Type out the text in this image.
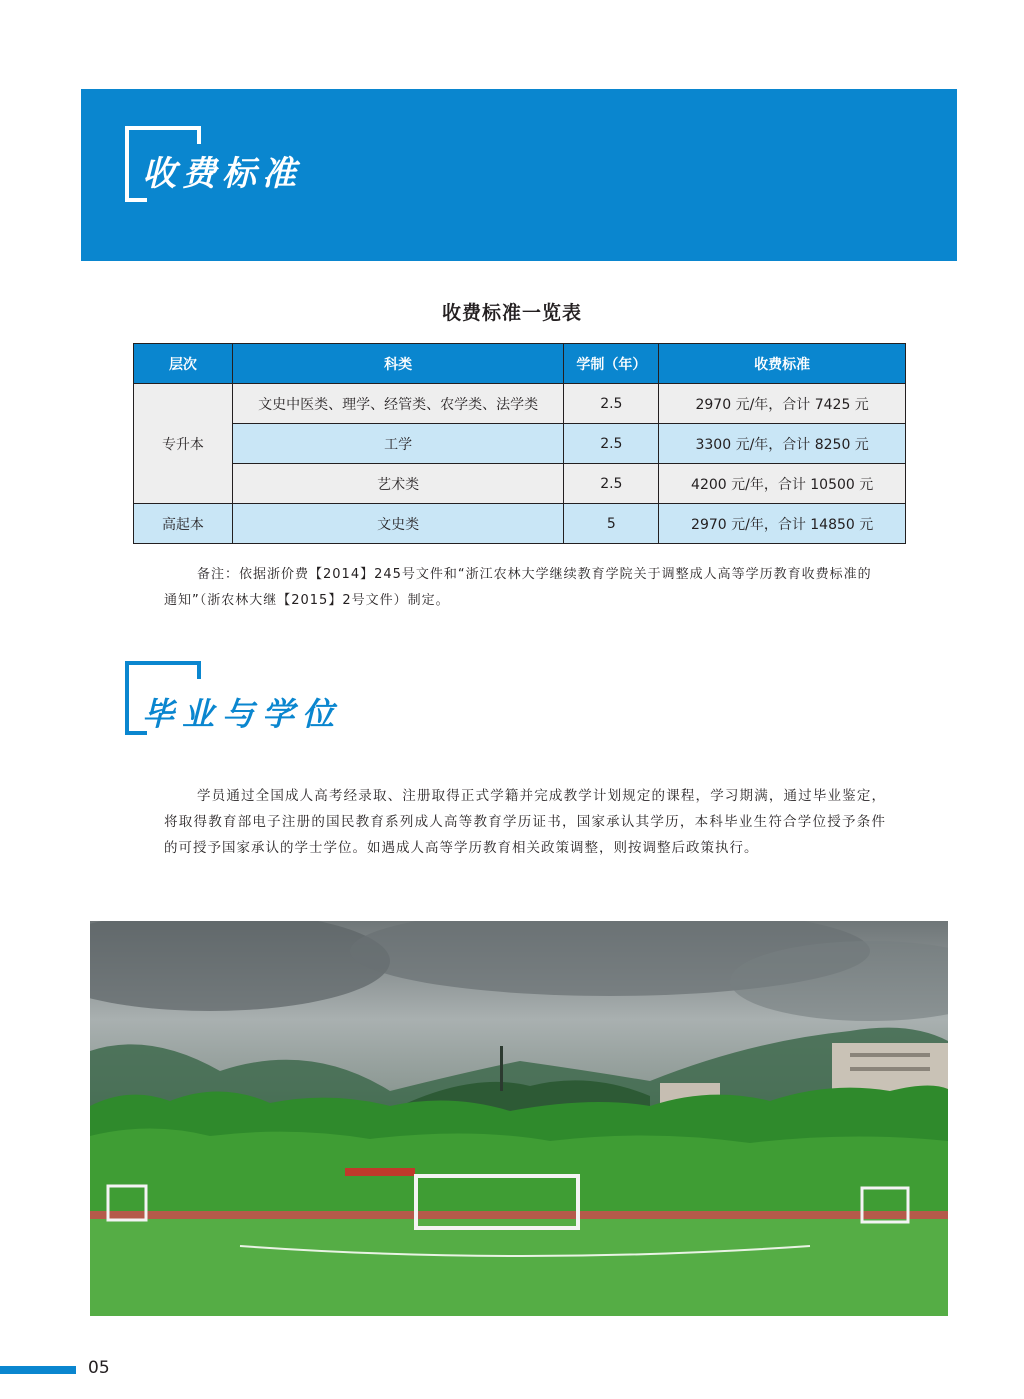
收费标准
收费标准一览表
层次	科类	学制（年）	收费标准
专升本	文史中医类、理学、经管类、农学类、法学类	2.5	2970 元/年，合计 7425 元
	工学	2.5	3300 元/年，合计 8250 元
	艺术类	2.5	4200 元/年，合计 10500 元
高起本	文史类	5	2970 元/年，合计 14850 元
备注：依据浙价费【2014】245号文件和“浙江农林大学继续教育学院关于调整成人高等学历教育收费标准的通知”（浙农林大继【2015】2号文件）制定。
毕业与学位
学员通过全国成人高考经录取、注册取得正式学籍并完成教学计划规定的课程，学习期满，通过毕业鉴定，将取得教育部电子注册的国民教育系列成人高等教育学历证书，国家承认其学历，本科毕业生符合学位授予条件的可授予国家承认的学士学位。如遇成人高等学历教育相关政策调整，则按调整后政策执行。
05
